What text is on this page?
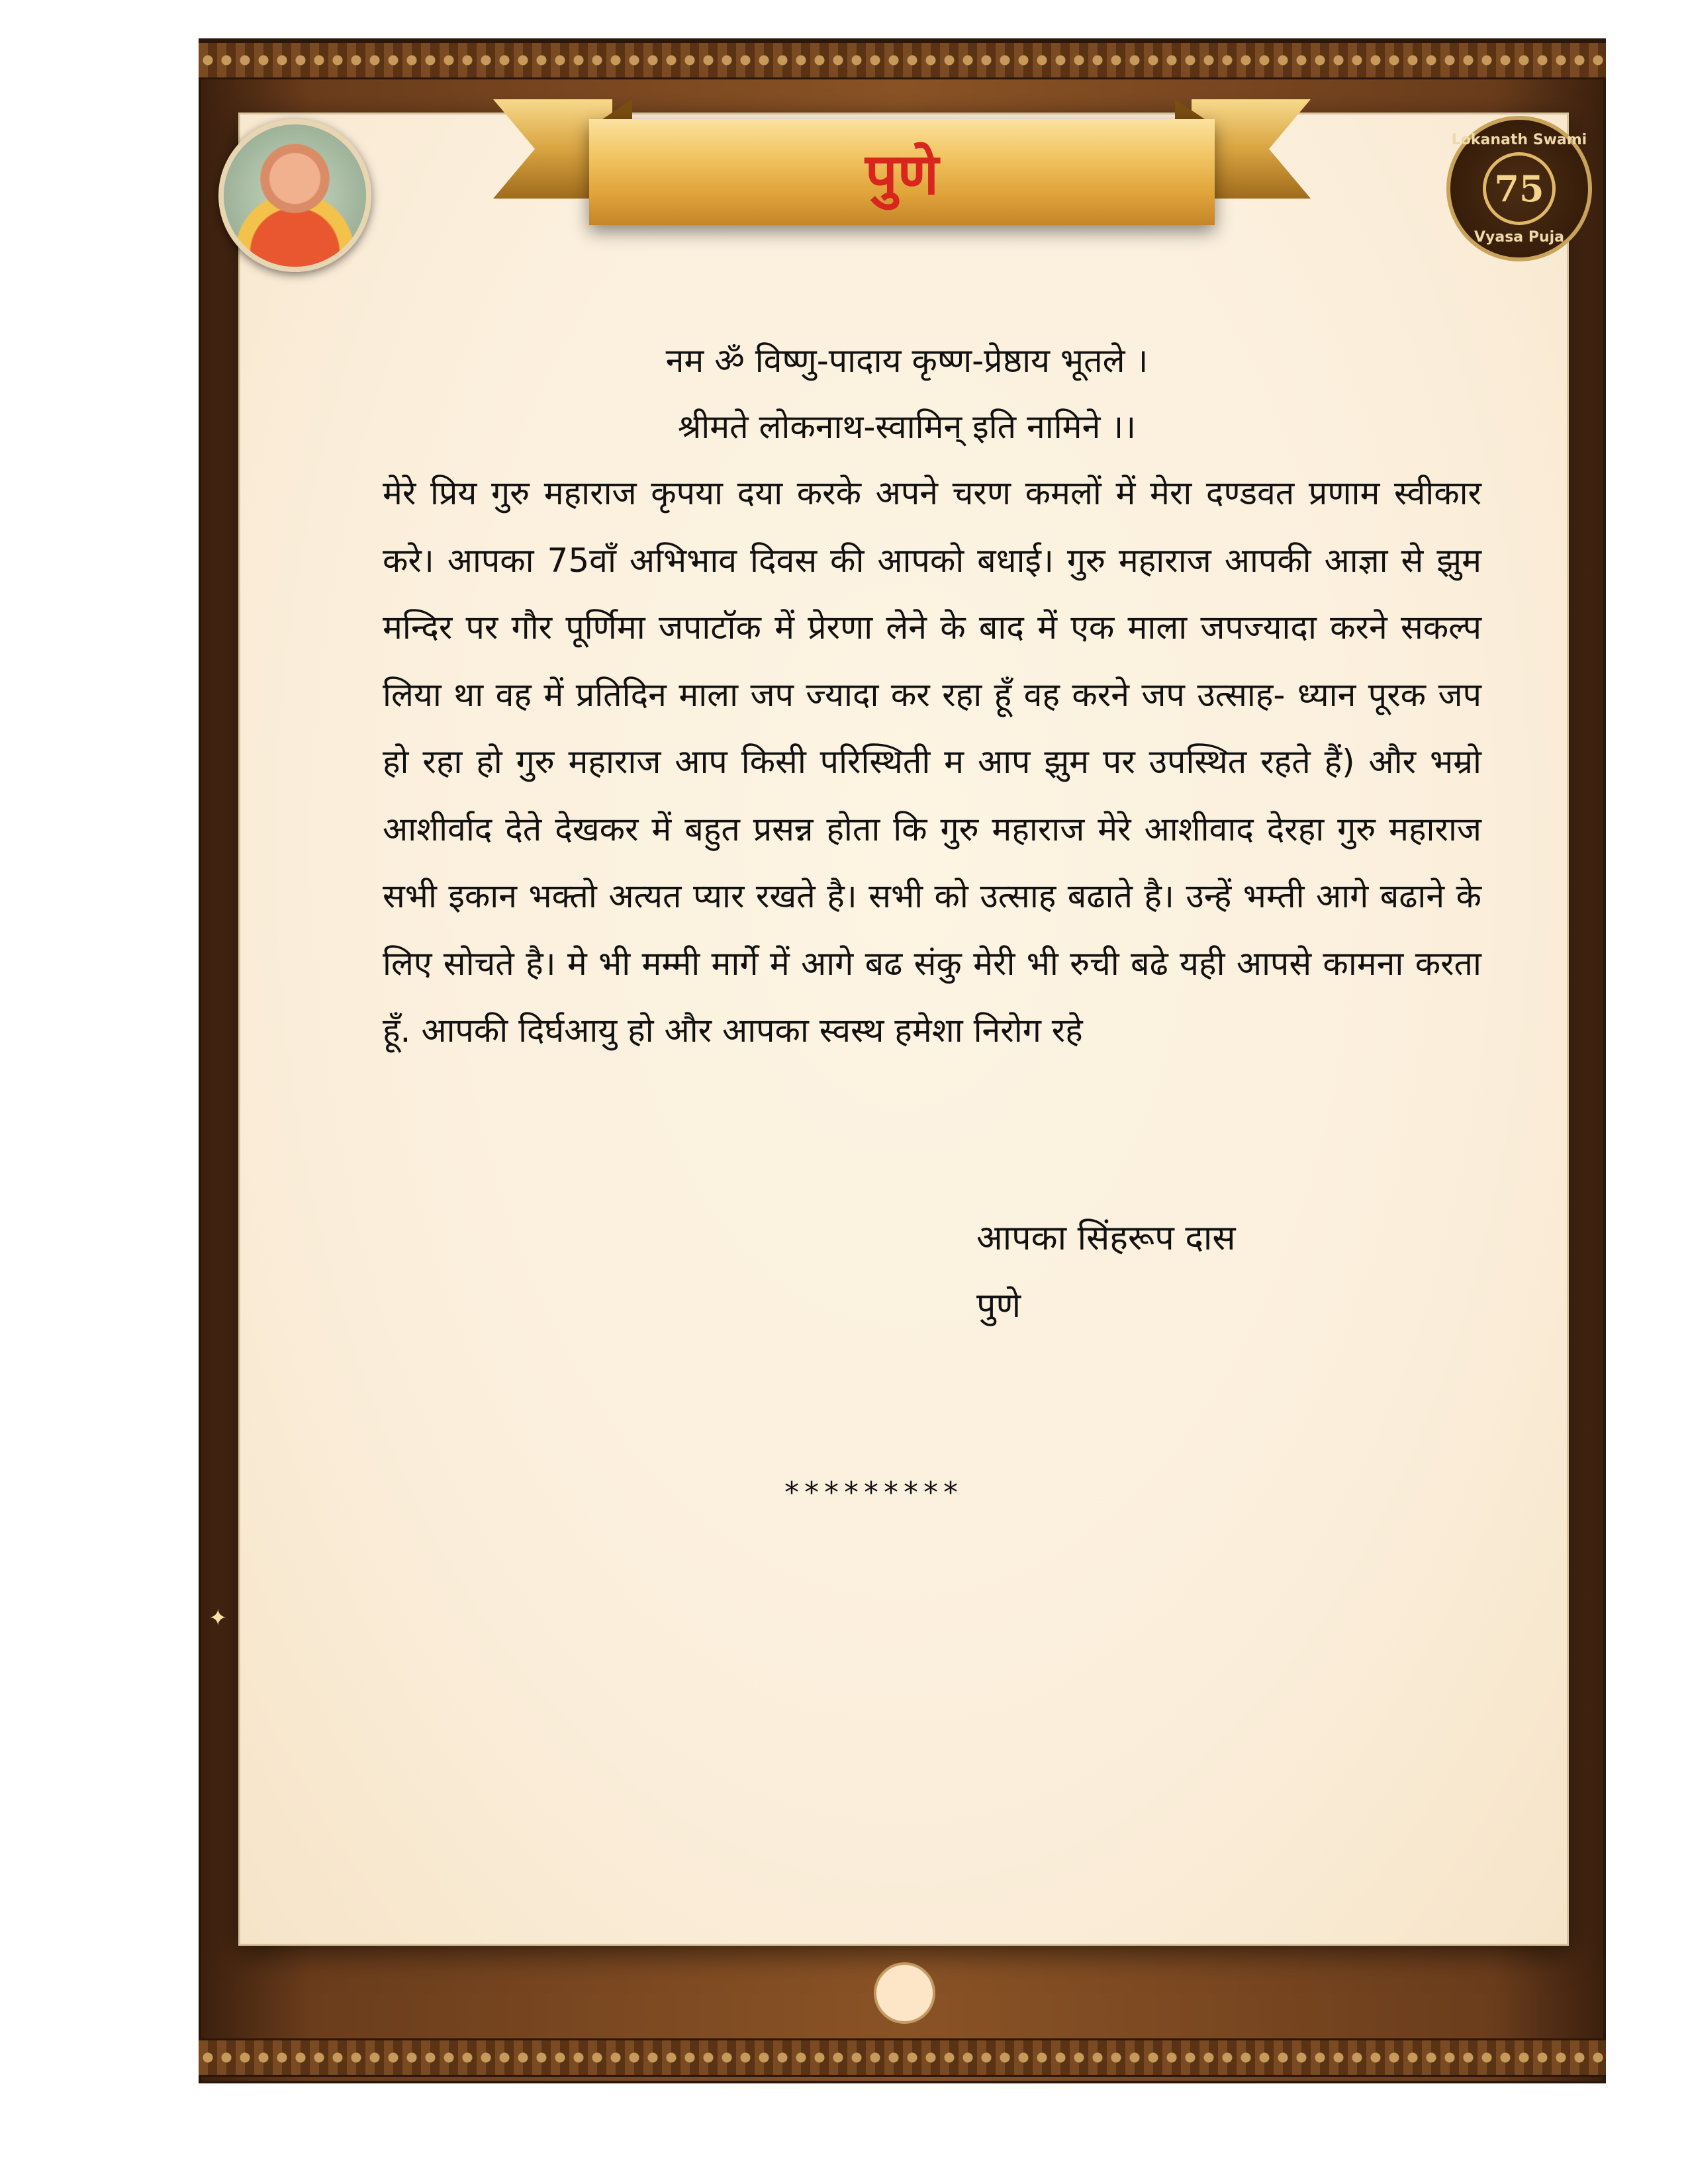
पुणे
Lokanath Swami
75
Vyasa Puja
नम ॐ विष्णु-पादाय कृष्ण-प्रेष्ठाय भूतले ।
श्रीमते लोकनाथ-स्वामिन् इति नामिने ।।

मेरे प्रिय गुरु महाराज कृपया दया करके अपने चरण कमलों में मेरा दण्डवत प्रणाम स्वीकार करे। आपका 75वाँ अभिभाव दिवस की आपको बधाई। गुरु महाराज आपकी आज्ञा से झुम मन्दिर पर गौर पूर्णिमा जपाटॉक में प्रेरणा लेने के बाद में एक माला जपज्यादा करने सकल्प लिया था वह में प्रतिदिन माला जप ज्यादा कर रहा हूँ वह करने जप उत्साह- ध्यान पूरक जप हो रहा हो गुरु महाराज आप किसी परिस्थिती म आप झुम पर उपस्थित रहते हैं) और भम्रो आशीर्वाद देते देखकर में बहुत प्रसन्न होता कि गुरु महाराज मेरे आशीवाद देरहा गुरु महाराज सभी इकान भक्तो अत्यत प्यार रखते है। सभी को उत्साह बढाते है। उन्हें भम्ती आगे बढाने के लिए सोचते है। मे भी मम्मी मार्गे में आगे बढ संकु मेरी भी रुची बढे यही आपसे कामना करता हूँ. आपकी दिर्घआयु हो और आपका स्वस्थ हमेशा निरोग रहे

आपका सिंहरूप दास
पुणे
*********
✦
